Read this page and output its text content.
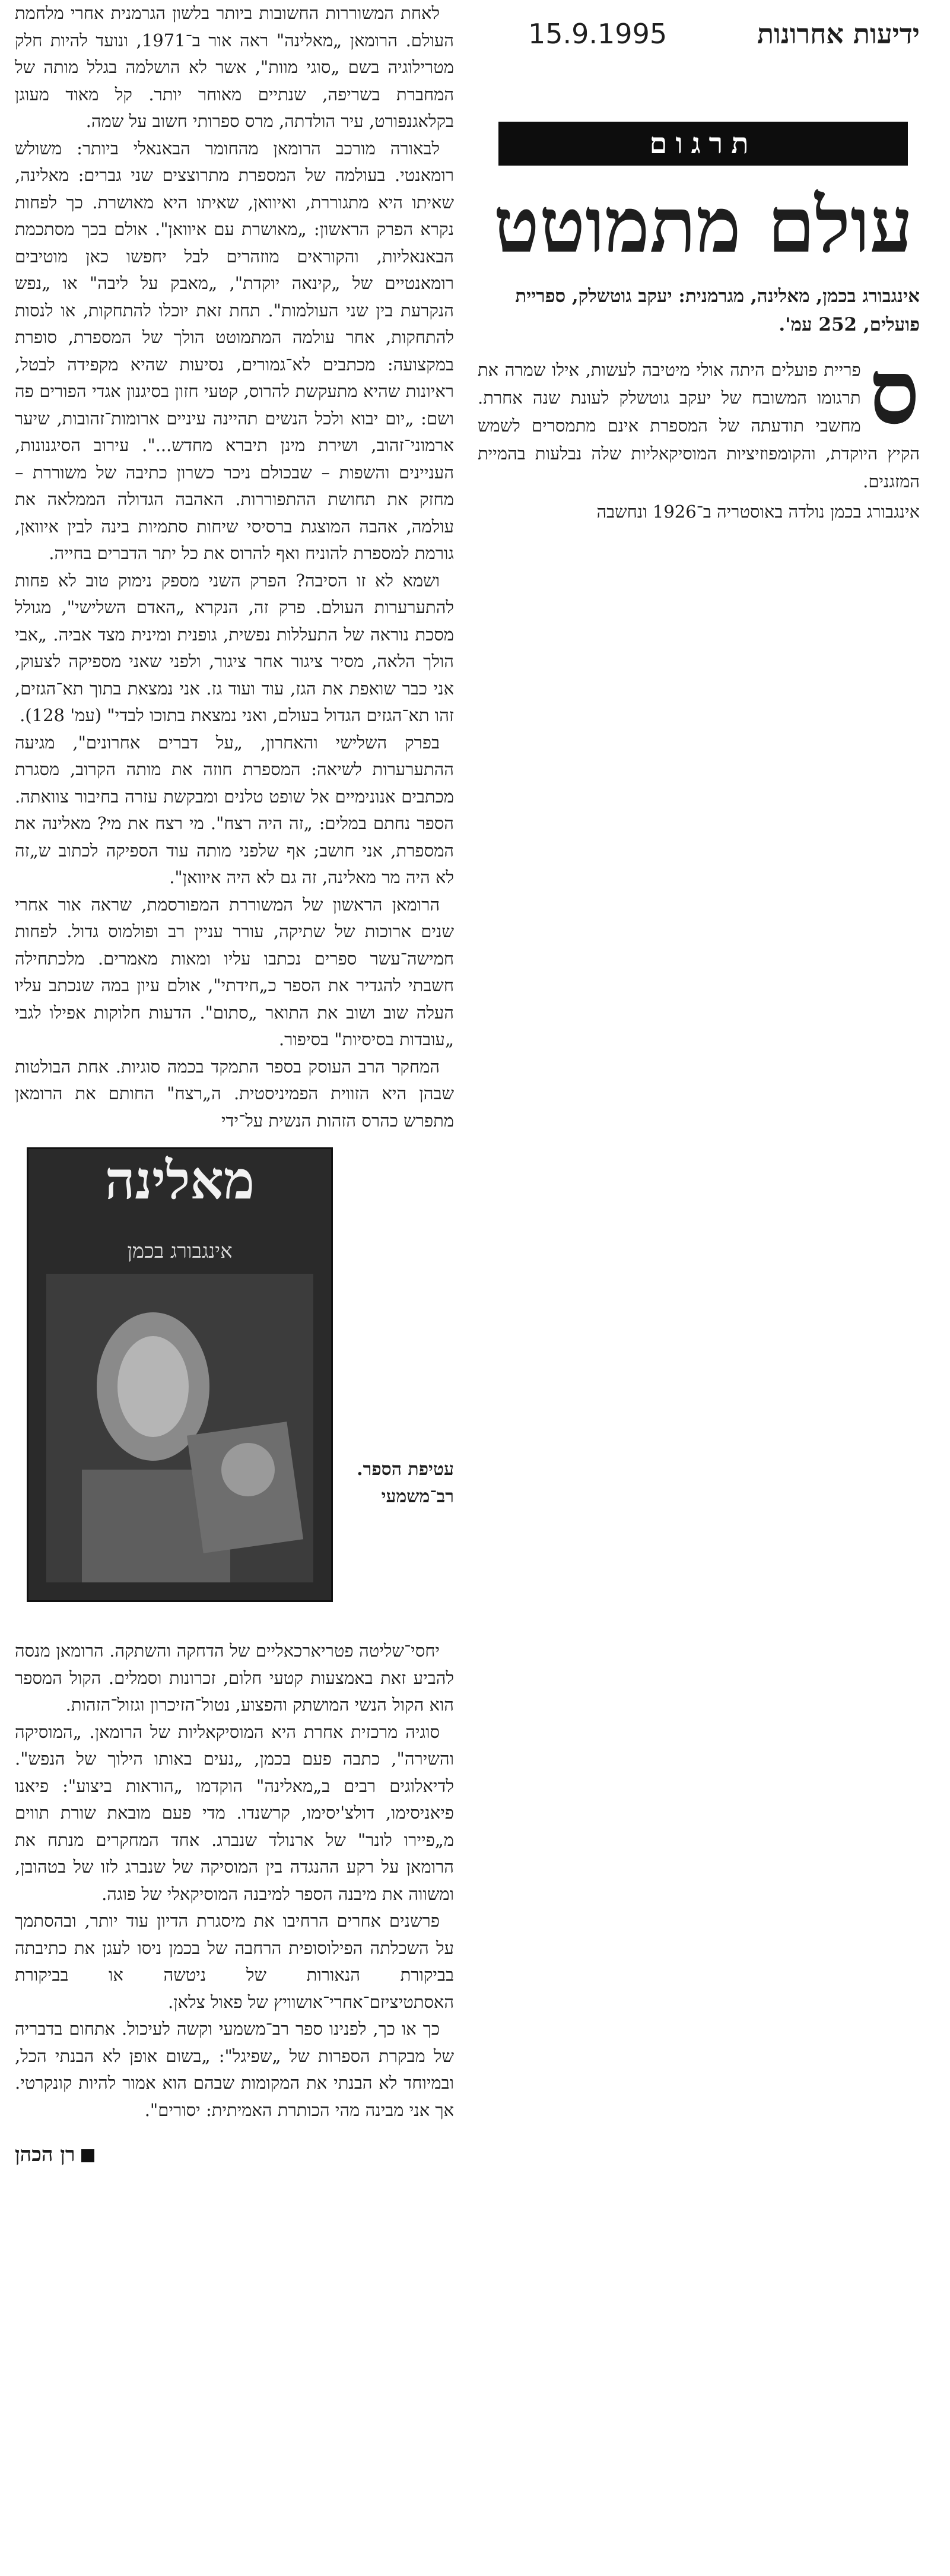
ידיעות אחרונות
15.9.1995
תרגום
עולם מתמוטט
אינגבורג בכמן, מאלינה, מגרמנית: יעקב גוטשלק, ספריית פועלים, 252 עמ'.
ס
פריית פועלים היתה אולי מיטיבה לעשות, אילו שמרה את תרגומו המשובח של יעקב גוטשלק לעונת שנה אחרת. מחשבי תודעתה של המספרת אינם מתמסרים לשמש הקיץ היוקדת, והקומפוזיציות המוסיקאליות שלה נבלעות בהמיית המזגנים.
אינגבורג בכמן נולדה באוסטריה ב־1926 ונחשבה

לאחת המשוררות החשובות ביותר בלשון הגרמנית אחרי מלחמת העולם. הרומאן „מאלינה" ראה אור ב־1971, ונועד להיות חלק מטרילוגיה בשם „סוגי מוות", אשר לא הושלמה בגלל מותה של המחברת בשריפה, שנתיים מאוחר יותר. קל מאוד מעוגן בקלאגנפורט, עיר הולדתה, מרס ספרותי חשוב על שמה.

לבאורה מורכב הרומאן מהחומר הבאנאלי ביותר: משולש רומאנטי. בעולמה של המספרת מתרוצצים שני גברים: מאלינה, שאיתו היא מתגוררת, ואיוואן, שאיתו היא מאושרת. כך לפחות נקרא הפרק הראשון: „מאושרת עם איוואן". אולם בכך מסתכמת הבאנאליות, והקוראים מוזהרים לבל יחפשו כאן מוטיבים רומאנטיים של „קינאה יוקדת", „מאבק על ליבה" או „נפש הנקרעת בין שני העולמות". תחת זאת יוכלו להתחקות, או לנסות להתחקות, אחר עולמה המתמוטט הולך של המספרת, סופרת במקצועה: מכתבים לא־גמורים, נסיעות שהיא מקפידה לבטל, ראיונות שהיא מתעקשת להרוס, קטעי חזון בסיגנון אגדי הפורים פה ושם: „יום יבוא ולכל הנשים תהיינה עיניים ארומות־זהובות, שיער ארמוני־זהוב, ושירת מינן תיברא מחדש...". עירוב הסיגנונות, העניינים והשפות – שבכולם ניכר כשרון כתיבה של משוררת – מחזק את תחושת ההתפוררות. האהבה הגדולה הממלאה את עולמה, אהבה המוצגת ברסיסי שיחות סתמיות בינה לבין איוואן, גורמת למספרת להוניח ואף להרוס את כל יתר הדברים בחייה.

ושמא לא זו הסיבה? הפרק השני מספק נימוק טוב לא פחות להתערערות העולם. פרק זה, הנקרא „האדם השלישי", מגולל מסכת נוראה של התעללות נפשית, גופנית ומינית מצד אביה. „אבי הולך הלאה, מסיר ציגור אחר ציגור, ולפני שאני מספיקה לצעוק, אני כבר שואפת את הגז, עוד ועוד גז. אני נמצאת בתוך תא־הגזים, זהו תא־הגזים הגדול בעולם, ואני נמצאת בתוכו לבדי" (עמ' 128).

בפרק השלישי והאחרון, „על דברים אחרונים", מגיעה ההתערערות לשיאה: המספרת חוזה את מותה הקרוב, מסגרת מכתבים אנונימיים אל שופט טלנים ומבקשת עזרה בחיבור צוואתה. הספר נחתם במלים: „זה היה רצח". מי רצח את מי? מאלינה את המספרת, אני חושב; אף שלפני מותה עוד הספיקה לכתוב ש„זה לא היה מר מאלינה, זה גם לא היה איוואן".

הרומאן הראשון של המשוררת המפורסמת, שראה אור אחרי שנים ארוכות של שתיקה, עורר עניין רב ופולמוס גדול. לפחות חמישה־עשר ספרים נכתבו עליו ומאות מאמרים. מלכתחילה חשבתי להגדיר את הספר כ„חידתי", אולם עיון במה שנכתב עליו העלה שוב ושוב את התואר „סתום". הדעות חלוקות אפילו לגבי „עובדות בסיסיות" בסיפור.

המחקר הרב העוסק בספר התמקד בכמה סוגיות. אחת הבולטות שבהן היא הזווית הפמיניסטית. ה„רצח" החותם את הרומאן מתפרש כהרס הזהות הנשית על־ידי

מאלינה
אינגבורג בכמן
עטיפת הספר. רב־משמעי

יחסי־שליטה פטריארכאליים של הדחקה והשתקה. הרומאן מנסה להביע זאת באמצעות קטעי חלום, זכרונות וסמלים. הקול המספר הוא הקול הנשי המושתק והפצוע, נטול־הזיכרון וגזול־הזהות.

סוגיה מרכזית אחרת היא המוסיקאליות של הרומאן. „המוסיקה והשירה", כתבה פעם בכמן, „נעים באותו הילוך של הנפש". לדיאלוגים רבים ב„מאלינה" הוקדמו „הוראות ביצוע": פיאנו פיאניסימו, דולצ'יסימו, קרשנדו. מדי פעם מובאת שורת תווים מ„פיירו לונר" של ארנולד שנברג. אחד המחקרים מנתח את הרומאן על רקע ההנגדה בין המוסיקה של שנברג לזו של בטהובן, ומשווה את מיבנה הספר למיבנה המוסיקאלי של פוגה.

פרשנים אחרים הרחיבו את מיסגרת הדיון עוד יותר, ובהסתמך על השכלתה הפילוסופית הרחבה של בכמן ניסו לעגן את כתיבתה בביקורת הנאורות של ניטשה או בביקורת האסתטיציזם־אחרי־אושוויץ של פאול צלאן.

כך או כך, לפנינו ספר רב־משמעי וקשה לעיכול. אתחום בדבריה של מבקרת הספרות של „שפיגל": „בשום אופן לא הבנתי הכל, ובמיוחד לא הבנתי את המקומות שבהם הוא אמור להיות קונקרטי. אך אני מבינה מהי הכותרת האמיתית: יסורים".

רן הכהן
